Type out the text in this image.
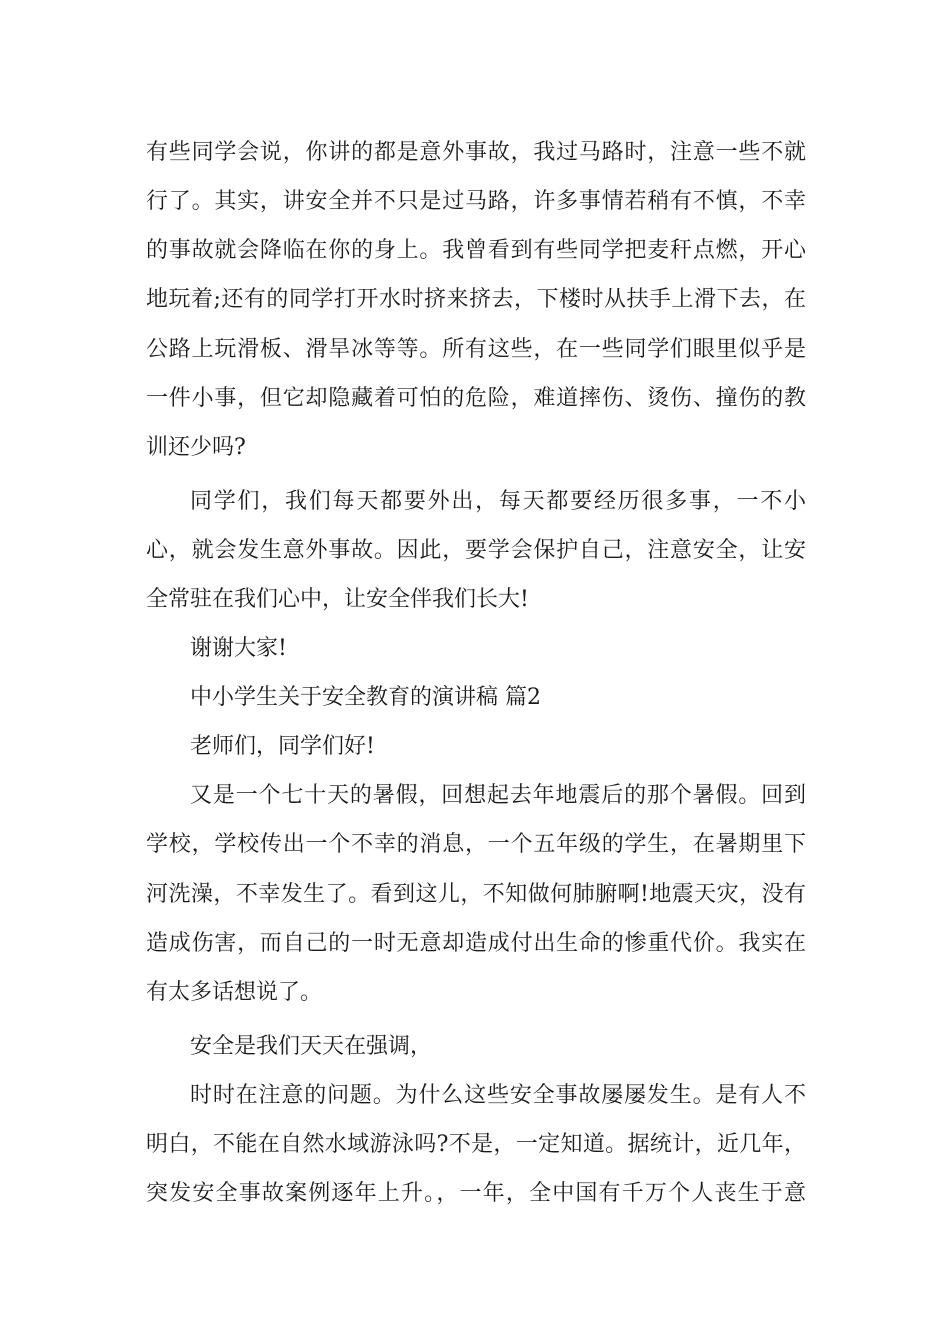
有些同学会说，你讲的都是意外事故，我过马路时，注意一些不就
行了。其实，讲安全并不只是过马路，许多事情若稍有不慎，不幸
的事故就会降临在你的身上。我曾看到有些同学把麦秆点燃，开心
地玩着;还有的同学打开水时挤来挤去，下楼时从扶手上滑下去，在
公路上玩滑板、滑旱冰等等。所有这些，在一些同学们眼里似乎是
一件小事，但它却隐藏着可怕的危险，难道摔伤、烫伤、撞伤的教
训还少吗?
同学们，我们每天都要外出，每天都要经历很多事，一不小
心，就会发生意外事故。因此，要学会保护自己，注意安全，让安
全常驻在我们心中，让安全伴我们长大!
谢谢大家!
中小学生关于安全教育的演讲稿 篇2
老师们，同学们好!
又是一个七十天的暑假，回想起去年地震后的那个暑假。回到
学校，学校传出一个不幸的消息，一个五年级的学生，在暑期里下
河洗澡，不幸发生了。看到这儿，不知做何肺腑啊!地震天灾，没有
造成伤害，而自己的一时无意却造成付出生命的惨重代价。我实在
有太多话想说了。
安全是我们天天在强调，
时时在注意的问题。为什么这些安全事故屡屡发生。是有人不
明白，不能在自然水域游泳吗?不是，一定知道。据统计，近几年，
突发安全事故案例逐年上升。，一年，全中国有千万个人丧生于意
